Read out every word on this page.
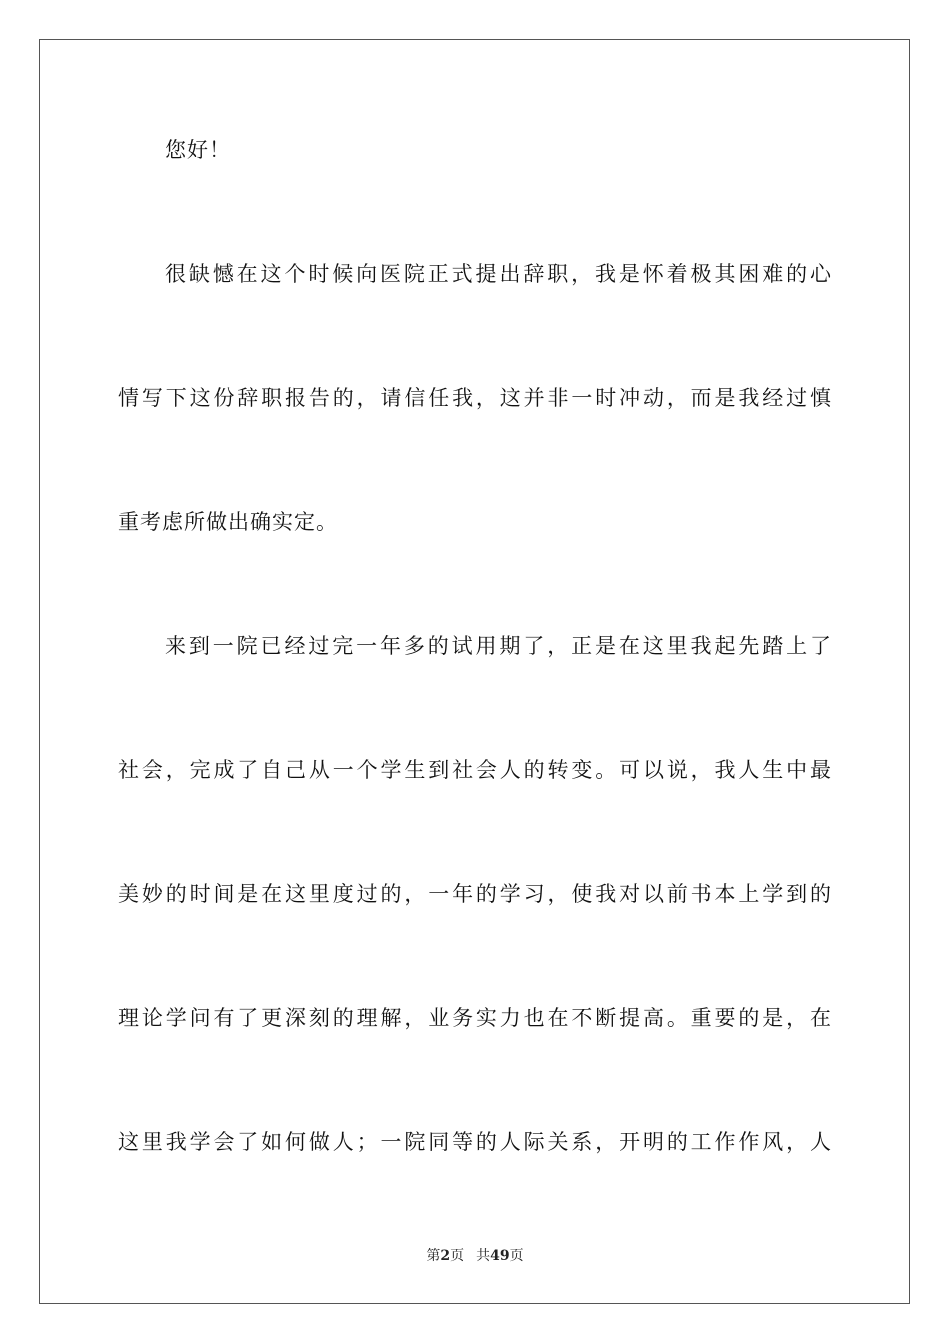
您好！
很缺憾在这个时候向医院正式提出辞职，我是怀着极其困难的心
情写下这份辞职报告的，请信任我，这并非一时冲动，而是我经过慎
重考虑所做出确实定。
来到一院已经过完一年多的试用期了，正是在这里我起先踏上了
社会，完成了自己从一个学生到社会人的转变。可以说，我人生中最
美妙的时间是在这里度过的，一年的学习，使我对以前书本上学到的
理论学问有了更深刻的理解，业务实力也在不断提高。重要的是，在
这里我学会了如何做人；一院同等的人际关系，开明的工作作风，人
第2页 共49页
